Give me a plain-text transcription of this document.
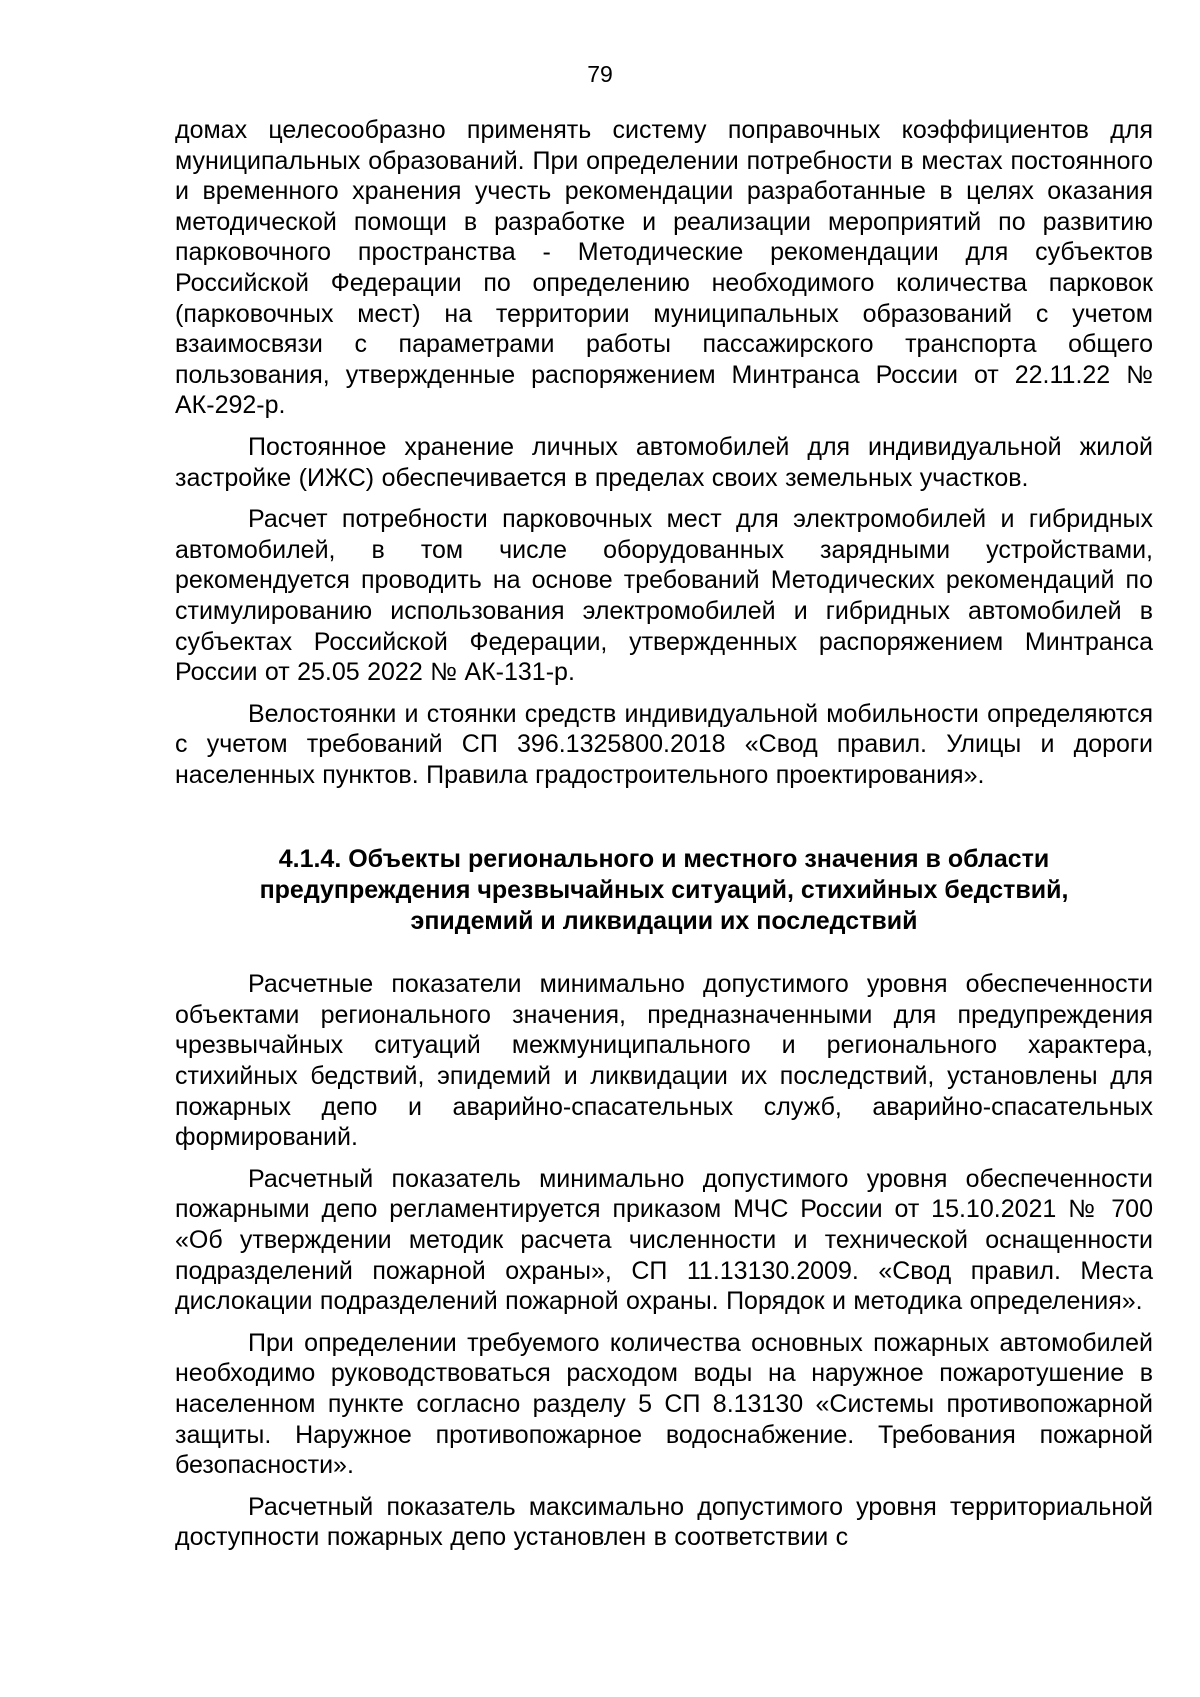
79

домах целесообразно применять систему поправочных коэффициентов для муниципальных образований. При определении потребности в местах постоянного и временного хранения учесть рекомендации разработанные в целях оказания методической помощи в разработке и реализации мероприятий по развитию парковочного пространства - Методические рекомендации для субъектов Российской Федерации по определению необходимого количества парковок (парковочных мест) на территории муниципальных образований с учетом взаимосвязи с параметрами работы пассажирского транспорта общего пользования, утвержденные распоряжением Минтранса России от 22.11.22 № АК-292-р.

Постоянное хранение личных автомобилей для индивидуальной жилой застройке (ИЖС) обеспечивается в пределах своих земельных участков.

Расчет потребности парковочных мест для электромобилей и гибридных автомобилей, в том числе оборудованных зарядными устройствами, рекомендуется проводить на основе требований Методических рекомендаций по стимулированию использования электромобилей и гибридных автомобилей в субъектах Российской Федерации, утвержденных распоряжением Минтранса России от 25.05 2022 № АК-131-р.

Велостоянки и стоянки средств индивидуальной мобильности определяются с учетом требований СП 396.1325800.2018 «Свод правил. Улицы и дороги населенных пунктов. Правила градостроительного проектирования».

4.1.4. Объекты регионального и местного значения в области
предупреждения чрезвычайных ситуаций, стихийных бедствий,
эпидемий и ликвидации их последствий

Расчетные показатели минимально допустимого уровня обеспеченности объектами регионального значения, предназначенными для предупреждения чрезвычайных ситуаций межмуниципального и регионального характера, стихийных бедствий, эпидемий и ликвидации их последствий, установлены для пожарных депо и аварийно-спасательных служб, аварийно-спасательных формирований.

Расчетный показатель минимально допустимого уровня обеспеченности пожарными депо регламентируется приказом МЧС России от 15.10.2021 № 700 «Об утверждении методик расчета численности и технической оснащенности подразделений пожарной охраны», СП 11.13130.2009. «Свод правил. Места дислокации подразделений пожарной охраны. Порядок и методика определения».

При определении требуемого количества основных пожарных автомобилей необходимо руководствоваться расходом воды на наружное пожаротушение в населенном пункте согласно разделу 5 СП 8.13130 «Системы противопожарной защиты. Наружное противопожарное водоснабжение. Требования пожарной безопасности».

Расчетный показатель максимально допустимого уровня территориальной доступности пожарных депо установлен в соответствии с
